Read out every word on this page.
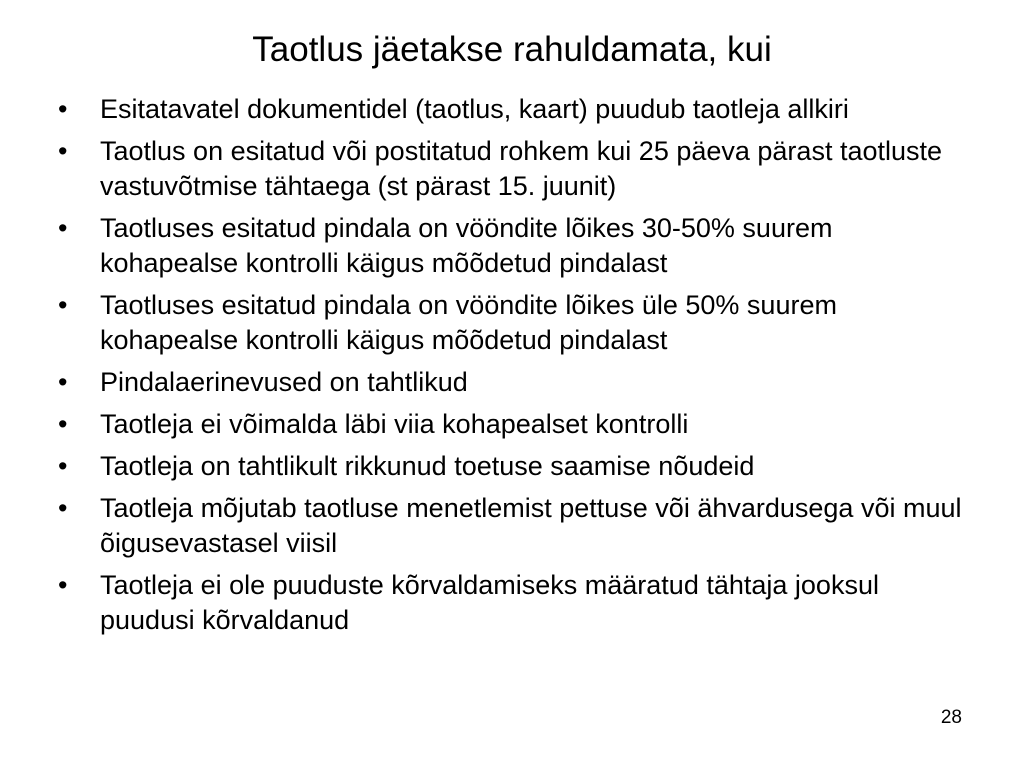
Taotlus jäetakse rahuldamata, kui
•	Esitatavatel dokumentidel (taotlus, kaart) puudub taotleja allkiri
•	Taotlus on esitatud või postitatud rohkem kui 25 päeva pärast taotluste vastuvõtmise tähtaega (st pärast 15. juunit)
•	Taotluses esitatud pindala on vööndite lõikes 30-50% suurem kohapealse kontrolli käigus mõõdetud pindalast
•	Taotluses esitatud pindala on vööndite lõikes üle 50% suurem kohapealse kontrolli käigus mõõdetud pindalast
•	Pindalaerinevused on tahtlikud
•	Taotleja ei võimalda läbi viia kohapealset kontrolli
•	Taotleja on tahtlikult rikkunud toetuse saamise nõudeid
•	Taotleja mõjutab taotluse menetlemist pettuse või ähvardusega või muul õigusevastasel viisil
•	Taotleja ei ole puuduste kõrvaldamiseks määratud tähtaja jooksul puudusi kõrvaldanud
28
